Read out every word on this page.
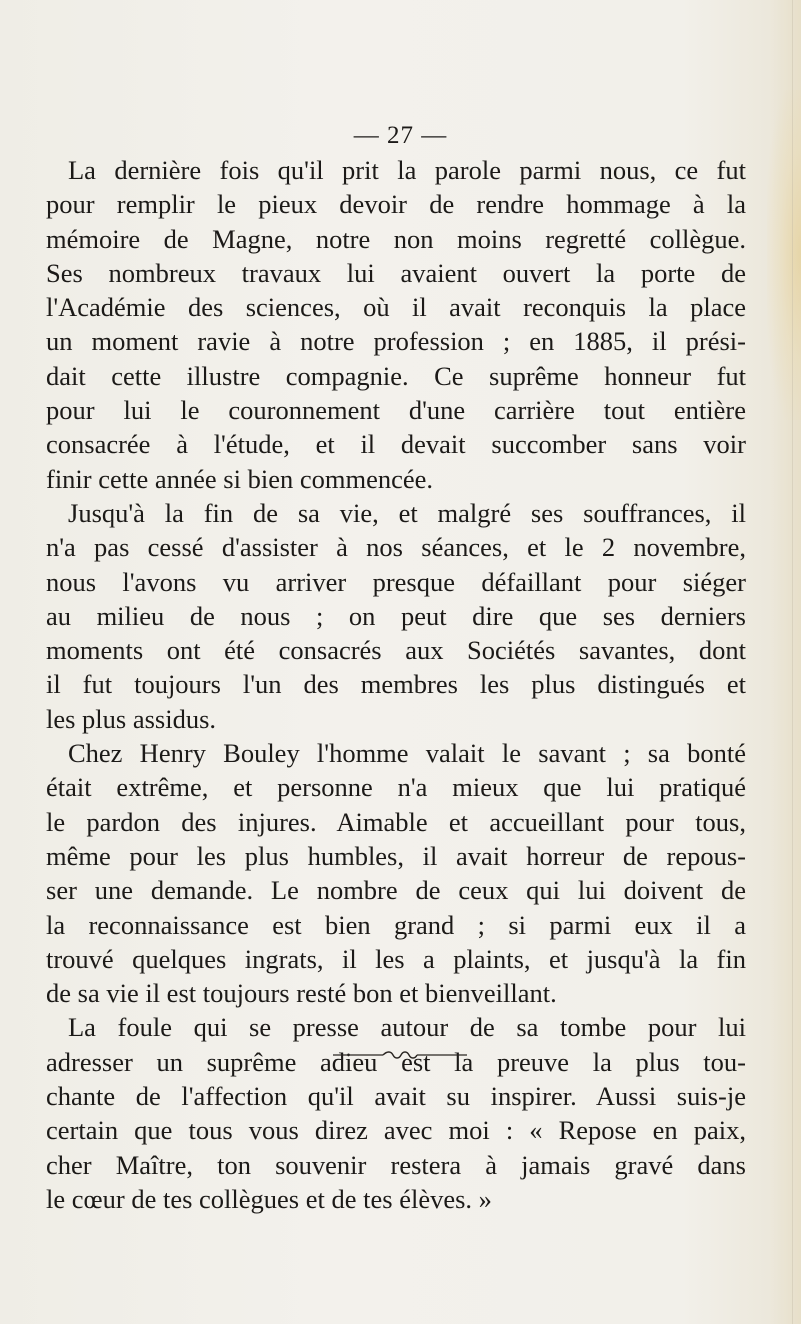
— 27 —
La dernière fois qu'il prit la parole parmi nous, ce fut
pour remplir le pieux devoir de rendre hommage à la
mémoire de Magne, notre non moins regretté collègue.
Ses nombreux travaux lui avaient ouvert la porte de
l'Académie des sciences, où il avait reconquis la place
un moment ravie à notre profession ; en 1885, il prési-
dait cette illustre compagnie. Ce suprême honneur fut
pour lui le couronnement d'une carrière tout entière
consacrée à l'étude, et il devait succomber sans voir
finir cette année si bien commencée.
Jusqu'à la fin de sa vie, et malgré ses souffrances, il
n'a pas cessé d'assister à nos séances, et le 2 novembre,
nous l'avons vu arriver presque défaillant pour siéger
au milieu de nous ; on peut dire que ses derniers
moments ont été consacrés aux Sociétés savantes, dont
il fut toujours l'un des membres les plus distingués et
les plus assidus.
Chez Henry Bouley l'homme valait le savant ; sa bonté
était extrême, et personne n'a mieux que lui pratiqué
le pardon des injures. Aimable et accueillant pour tous,
même pour les plus humbles, il avait horreur de repous-
ser une demande. Le nombre de ceux qui lui doivent de
la reconnaissance est bien grand ; si parmi eux il a
trouvé quelques ingrats, il les a plaints, et jusqu'à la fin
de sa vie il est toujours resté bon et bienveillant.
La foule qui se presse autour de sa tombe pour lui
adresser un suprême adieu est la preuve la plus tou-
chante de l'affection qu'il avait su inspirer. Aussi suis-je
certain que tous vous direz avec moi : « Repose en paix,
cher Maître, ton souvenir restera à jamais gravé dans
le cœur de tes collègues et de tes élèves. »
